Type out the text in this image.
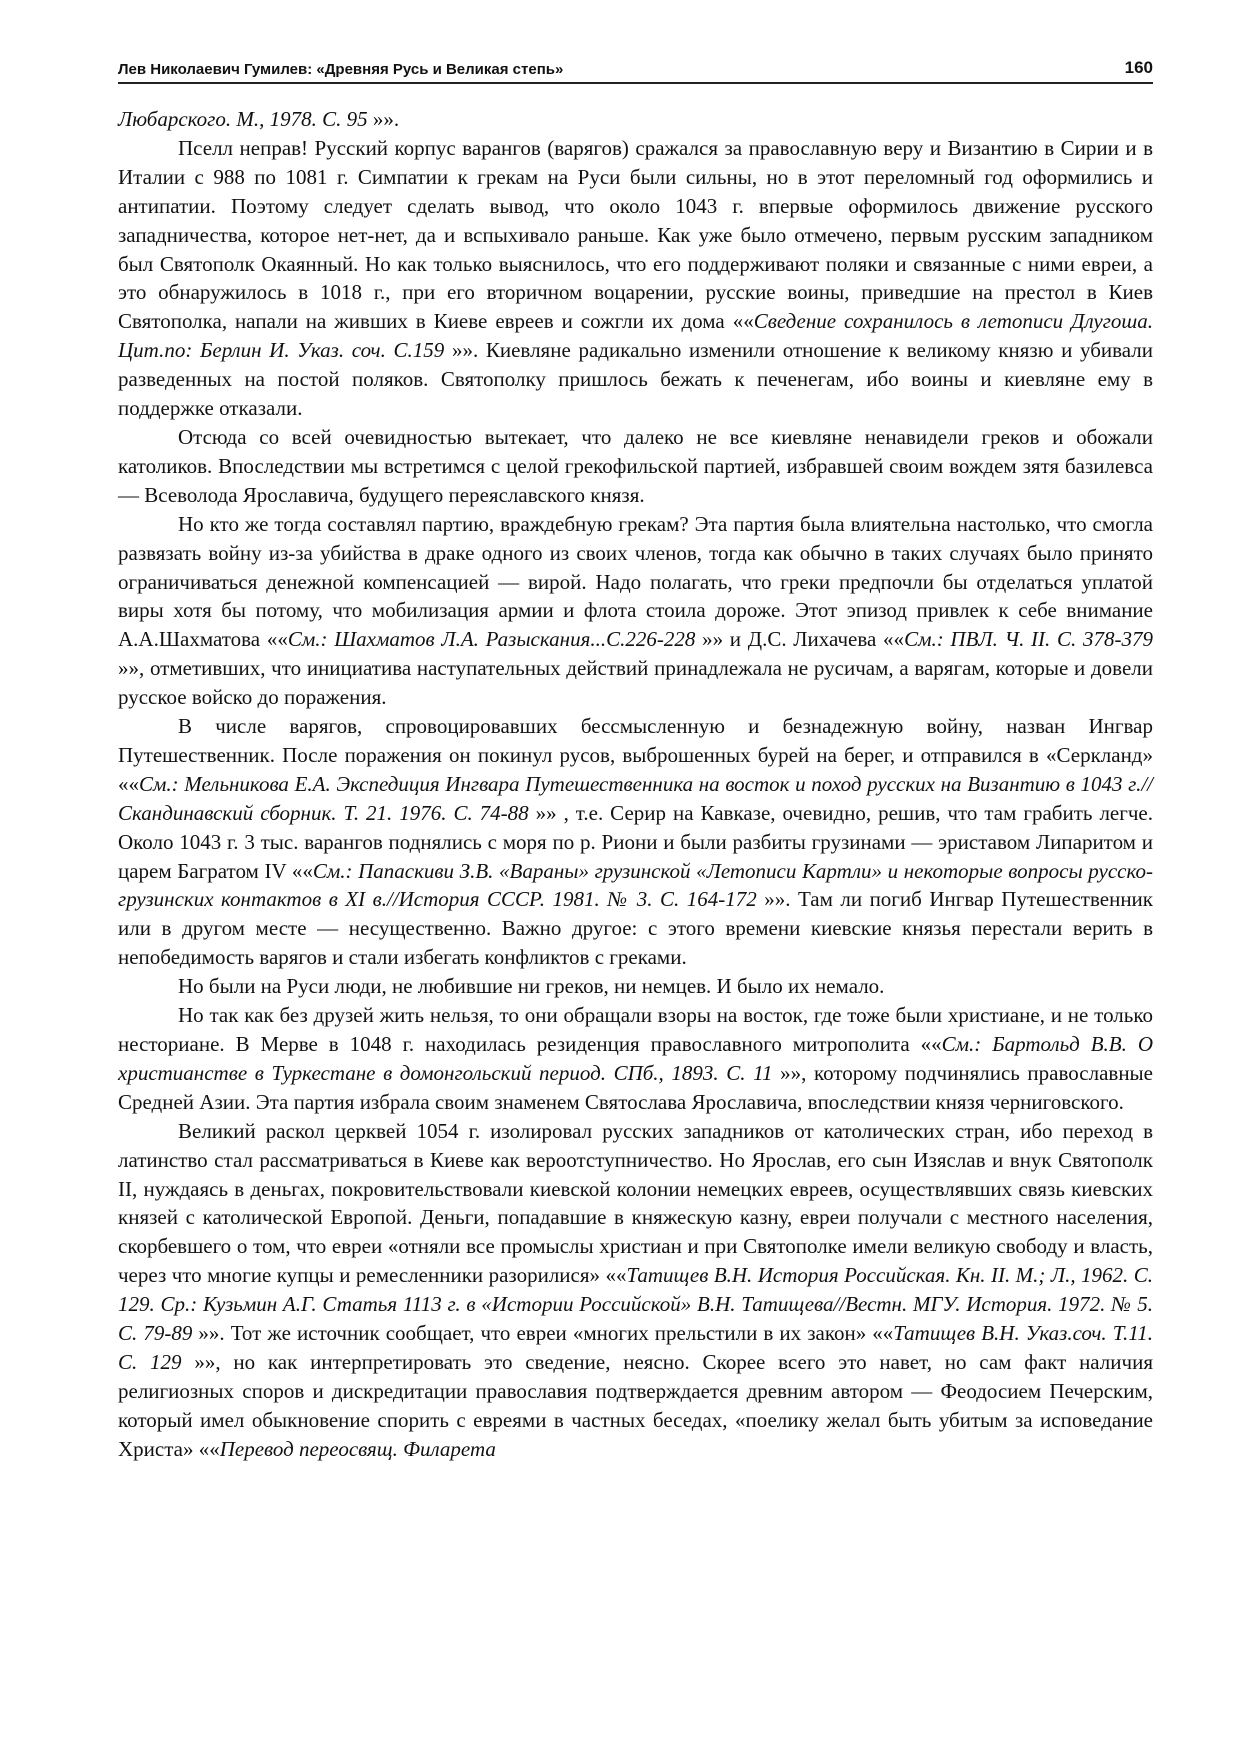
Лев Николаевич Гумилев: «Древняя Русь и Великая степь»	160

Любарского. М., 1978. С. 95 »».

Пселл неправ! Русский корпус варангов (варягов) сражался за православную веру и Византию в Сирии и в Италии с 988 по 1081 г. Симпатии к грекам на Руси были сильны, но в этот переломный год оформились и антипатии. Поэтому следует сделать вывод, что около 1043 г. впервые оформилось движение русского западничества, которое нет-нет, да и вспыхивало раньше. Как уже было отмечено, первым русским западником был Святополк Окаянный. Но как только выяснилось, что его поддерживают поляки и связанные с ними евреи, а это обнаружилось в 1018 г., при его вторичном воцарении, русские воины, приведшие на престол в Киев Святополка, напали на живших в Киеве евреев и сожгли их дома ««Сведение сохранилось в летописи Длугоша. Цит.по: Берлин И. Указ. соч. С.159 »». Киевляне радикально изменили отношение к великому князю и убивали разведенных на постой поляков. Святополку пришлось бежать к печенегам, ибо воины и киевляне ему в поддержке отказали.

Отсюда со всей очевидностью вытекает, что далеко не все киевляне ненавидели греков и обожали католиков. Впоследствии мы встретимся с целой грекофильской партией, избравшей своим вождем зятя базилевса — Всеволода Ярославича, будущего переяславского князя.

Но кто же тогда составлял партию, враждебную грекам? Эта партия была влиятельна настолько, что смогла развязать войну из-за убийства в драке одного из своих членов, тогда как обычно в таких случаях было принято ограничиваться денежной компенсацией — вирой. Надо полагать, что греки предпочли бы отделаться уплатой виры хотя бы потому, что мобилизация армии и флота стоила дороже. Этот эпизод привлек к себе внимание А.А.Шахматова ««См.: Шахматов Л.А. Разыскания...С.226-228 »» и Д.С. Лихачева ««См.: ПВЛ. Ч. II. С. 378-379 »», отметивших, что инициатива наступательных действий принадлежала не русичам, а варягам, которые и довели русское войско до поражения.

В числе варягов, спровоцировавших бессмысленную и безнадежную войну, назван Ингвар Путешественник. После поражения он покинул русов, выброшенных бурей на берег, и отправился в «Серкланд» ««См.: Мельникова Е.А. Экспедиция Ингвара Путешественника на восток и поход русских на Византию в 1043 г.//Скандинавский сборник. Т. 21. 1976. С. 74-88 »» , т.е. Серир на Кавказе, очевидно, решив, что там грабить легче. Около 1043 г. 3 тыс. варангов поднялись с моря по р. Риони и были разбиты грузинами — эриставом Липаритом и царем Багратом IV ««См.: Папаскиви З.В. «Вараны» грузинской «Летописи Картли» и некоторые вопросы русско-грузинских контактов в XI в.//История СССР. 1981. № 3. С. 164-172 »». Там ли погиб Ингвар Путешественник или в другом месте — несущественно. Важно другое: с этого времени киевские князья перестали верить в непобедимость варягов и стали избегать конфликтов с греками.

Но были на Руси люди, не любившие ни греков, ни немцев. И было их немало.

Но так как без друзей жить нельзя, то они обращали взоры на восток, где тоже были христиане, и не только несториане. В Мерве в 1048 г. находилась резиденция православного митрополита ««См.: Бартольд В.В. О христианстве в Туркестане в домонгольский период. СПб., 1893. С. 11 »», которому подчинялись православные Средней Азии. Эта партия избрала своим знаменем Святослава Ярославича, впоследствии князя черниговского.

Великий раскол церквей 1054 г. изолировал русских западников от католических стран, ибо переход в латинство стал рассматриваться в Киеве как вероотступничество. Но Ярослав, его сын Изяслав и внук Святополк II, нуждаясь в деньгах, покровительствовали киевской колонии немецких евреев, осуществлявших связь киевских князей с католической Европой. Деньги, попадавшие в княжескую казну, евреи получали с местного населения, скорбевшего о том, что евреи «отняли все промыслы христиан и при Святополке имели великую свободу и власть, через что многие купцы и ремесленники разорилися» ««Татищев В.Н. История Российская. Кн. II. М.; Л., 1962. С. 129. Ср.: Кузьмин А.Г. Статья 1113 г. в «Истории Российской» В.Н. Татищева//Вестн. МГУ. История. 1972. № 5. С. 79-89 »». Тот же источник сообщает, что евреи «многих прельстили в их закон» ««Татищев В.Н. Указ.соч. Т.11. С. 129 »», но как интерпретировать это сведение, неясно. Скорее всего это навет, но сам факт наличия религиозных споров и дискредитации православия подтверждается древним автором — Феодосием Печерским, который имел обыкновение спорить с евреями в частных беседах, «поелику желал быть убитым за исповедание Христа» ««Перевод переосвящ. Филарета
